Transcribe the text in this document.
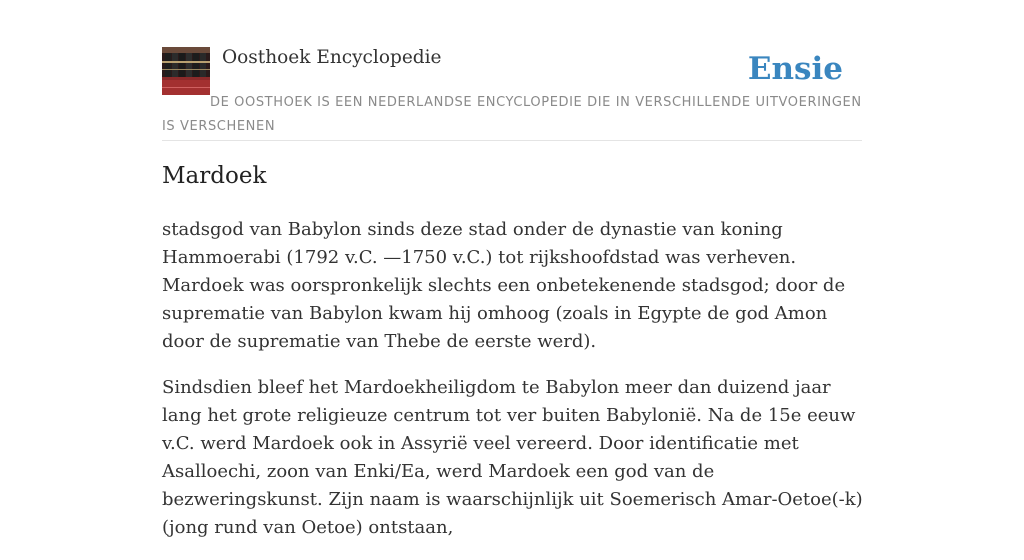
Oosthoek Encyclopedie	Ensie
DE OOSTHOEK IS EEN NEDERLANDSE ENCYCLOPEDIE DIE IN VERSCHILLENDE UITVOERINGEN IS VERSCHENEN
Mardoek

stadsgod van Babylon sinds deze stad onder de dynastie van koning Hammoerabi (1792 v.C. —1750 v.C.) tot rijkshoofdstad was verheven. Mardoek was oorspronkelijk slechts een onbetekenende stadsgod; door de suprematie van Babylon kwam hij omhoog (zoals in Egypte de god Amon door de suprematie van Thebe de eerste werd).

Sindsdien bleef het Mardoekheiligdom te Babylon meer dan duizend jaar lang het grote religieuze centrum tot ver buiten Babylonië. Na de 15e eeuw v.C. werd Mardoek ook in Assyrië veel vereerd. Door identificatie met Asalloechi, zoon van Enki/Ea, werd Mardoek een god van de bezweringskunst. Zijn naam is waarschijnlijk uit Soemerisch Amar-Oetoe(-k) (jong rund van Oetoe) ontstaan,
